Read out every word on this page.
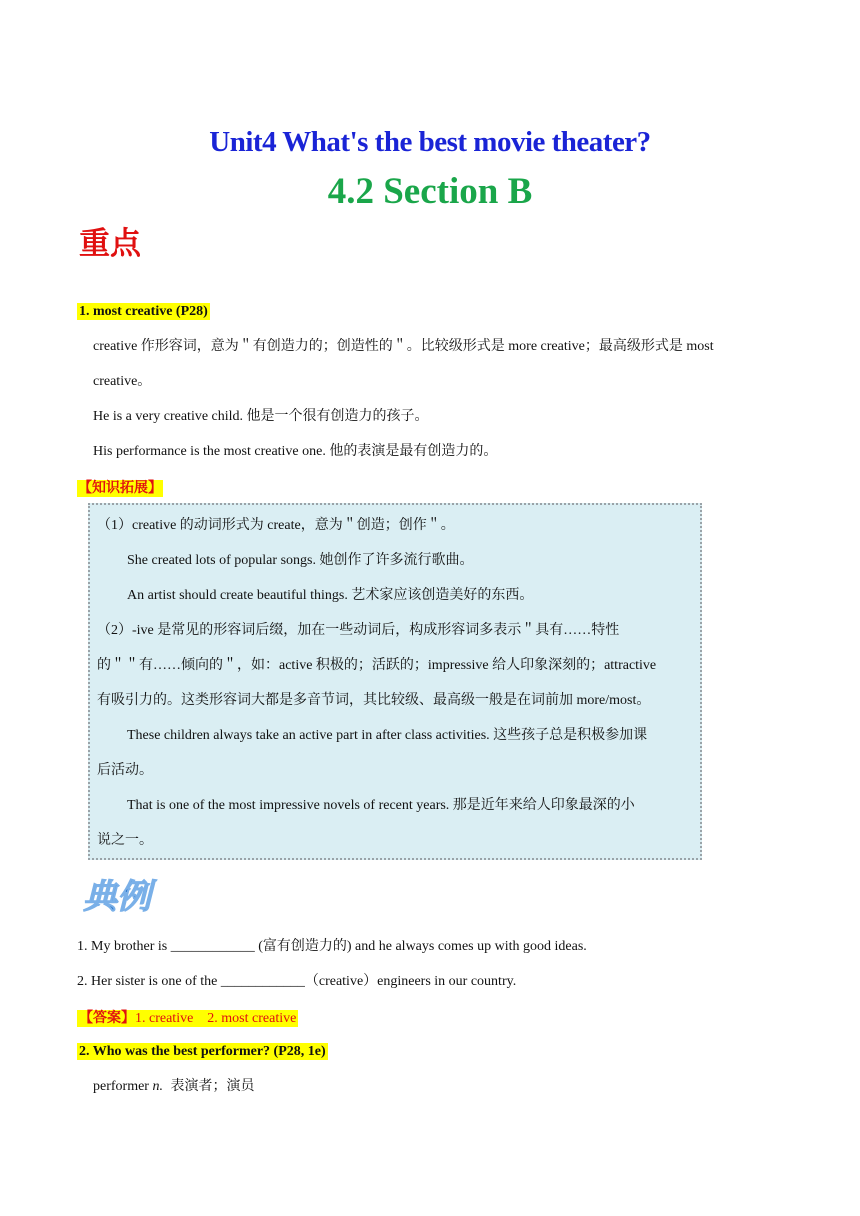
Unit4 What's the best movie theater?
4.2 Section B
重点
1. most creative (P28)
creative 作形容词，意为＂有创造力的；创造性的＂。比较级形式是 more creative；最高级形式是 most
creative。
He is a very creative child. 他是一个很有创造力的孩子。
His performance is the most creative one. 他的表演是最有创造力的。
【知识拓展】
（1）creative 的动词形式为 create，意为＂创造；创作＂。
She created lots of popular songs. 她创作了许多流行歌曲。
An artist should create beautiful things. 艺术家应该创造美好的东西。
（2）-ive 是常见的形容词后缀，加在一些动词后，构成形容词多表示＂具有……特性
的＂＂有……倾向的＂，如：active 积极的；活跃的；impressive 给人印象深刻的；attractive
有吸引力的。这类形容词大都是多音节词，其比较级、最高级一般是在词前加 more/most。
These children always take an active part in after class activities. 这些孩子总是积极参加课
后活动。
That is one of the most impressive novels of recent years. 那是近年来给人印象最深的小
说之一。
典例
1. My brother is ____________ (富有创造力的) and he always comes up with good ideas.
2. Her sister is one of the ____________（creative）engineers in our country.
【答案】1. creative    2. most creative
2. Who was the best performer? (P28, 1e)
performer n. 表演者；演员
